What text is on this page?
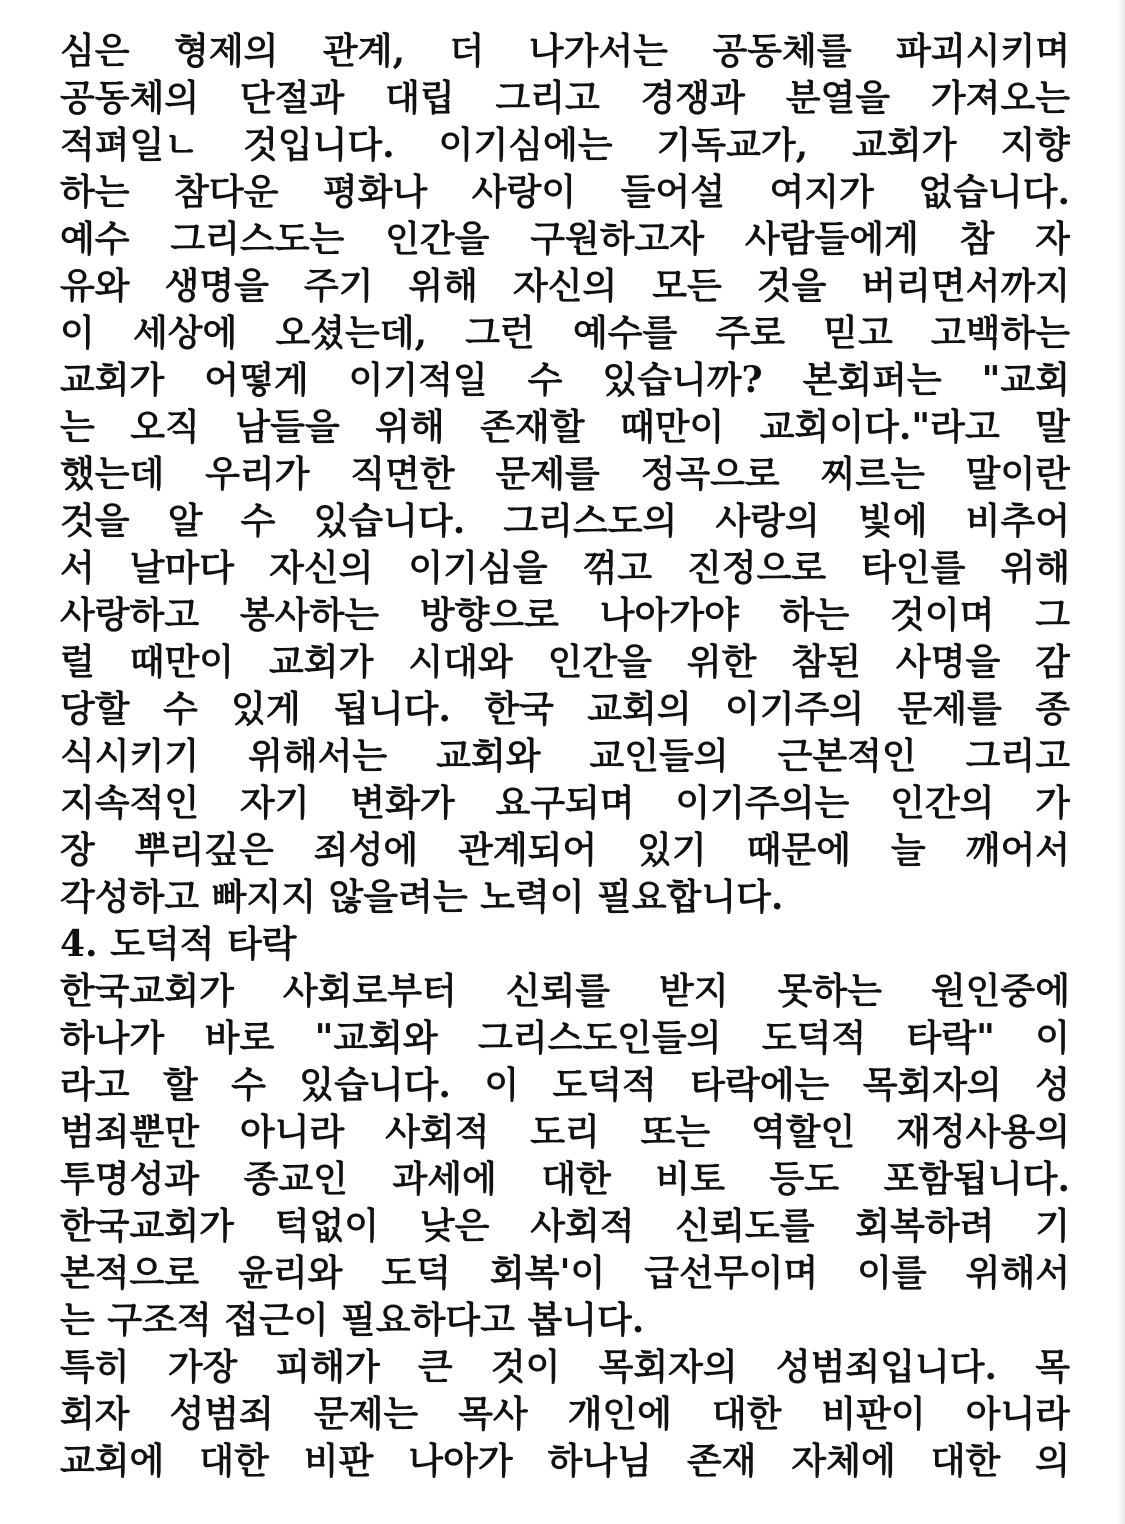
심은 형제의 관계, 더 나가서는 공동체를 파괴시키며
공동체의 단절과 대립 그리고 경쟁과 분열을 가져오는
적펴일ㄴ 것입니다. 이기심에는 기독교가, 교회가 지향
하는 참다운 평화나 사랑이 들어설 여지가 없습니다.
예수 그리스도는 인간을 구원하고자 사람들에게 참 자
유와 생명을 주기 위해 자신의 모든 것을 버리면서까지
이 세상에 오셨는데, 그런 예수를 주로 믿고 고백하는
교회가 어떻게 이기적일 수 있습니까? 본회퍼는 "교회
는 오직 남들을 위해 존재할 때만이 교회이다."라고 말
했는데 우리가 직면한 문제를 정곡으로 찌르는 말이란
것을 알 수 있습니다. 그리스도의 사랑의 빛에 비추어
서 날마다 자신의 이기심을 꺾고 진정으로 타인를 위해
사랑하고 봉사하는 방향으로 나아가야 하는 것이며 그
럴 때만이 교회가 시대와 인간을 위한 참된 사명을 감
당할 수 있게 됩니다. 한국 교회의 이기주의 문제를 종
식시키기 위해서는 교회와 교인들의 근본적인 그리고
지속적인 자기 변화가 요구되며 이기주의는 인간의 가
장 뿌리깊은 죄성에 관계되어 있기 때문에 늘 깨어서
각성하고 빠지지 않을려는 노력이 필요합니다.
4. 도덕적 타락
한국교회가 사회로부터 신뢰를 받지 못하는 원인중에
하나가 바로 "교회와 그리스도인들의 도덕적 타락" 이
라고 할 수 있습니다. 이 도덕적 타락에는 목회자의 성
범죄뿐만 아니라 사회적 도리 또는 역할인 재정사용의
투명성과 종교인 과세에 대한 비토 등도 포함됩니다.
한국교회가 턱없이 낮은 사회적 신뢰도를 회복하려 기
본적으로 윤리와 도덕 회복'이 급선무이며 이를 위해서
는 구조적 접근이 필요하다고 봅니다.
특히 가장 피해가 큰 것이 목회자의 성범죄입니다. 목
회자 성범죄 문제는 목사 개인에 대한 비판이 아니라
교회에 대한 비판 나아가 하나님 존재 자체에 대한 의
